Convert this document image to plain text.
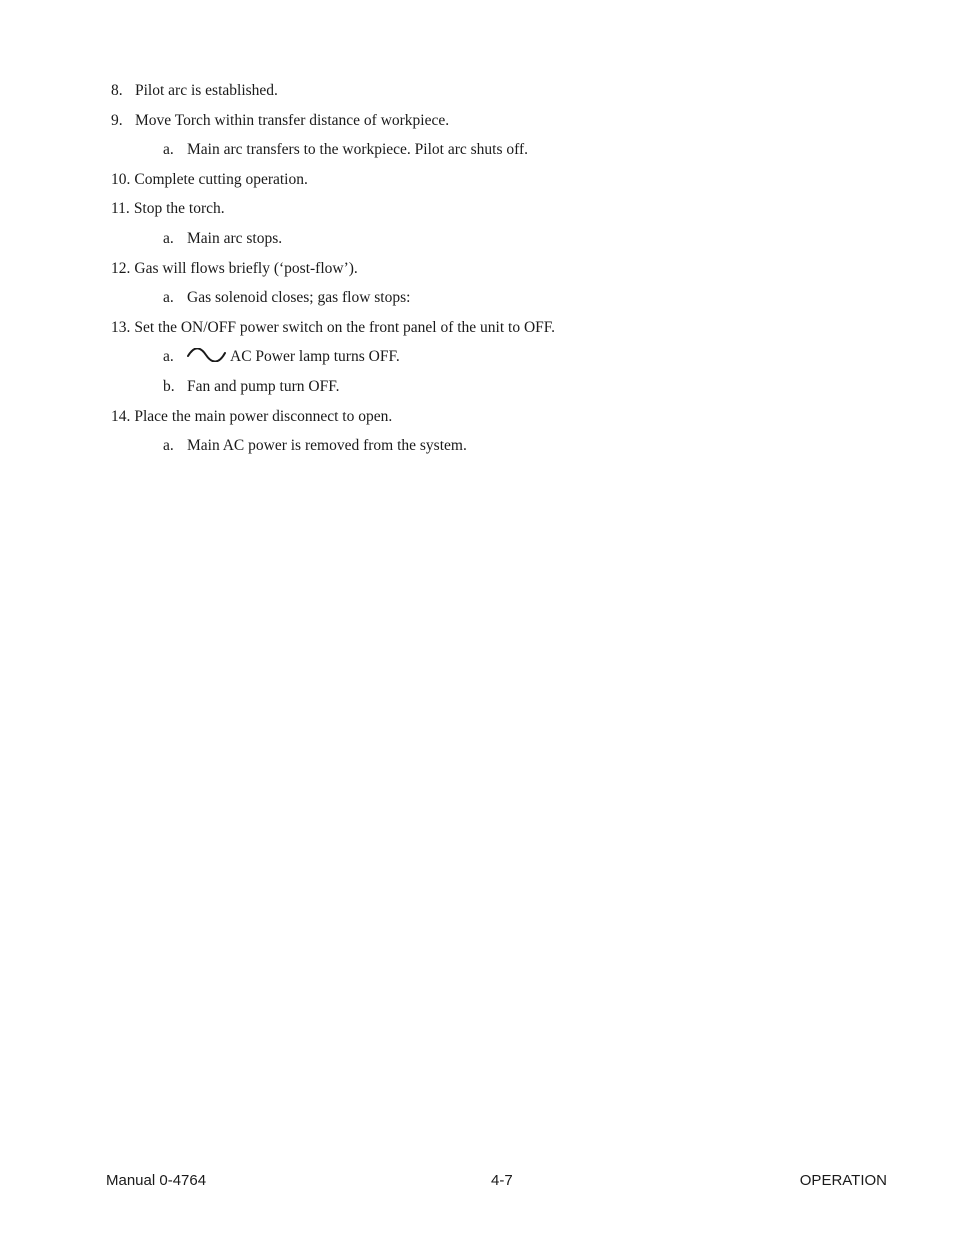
8. Pilot arc is established.
9. Move Torch within transfer distance of workpiece.
a. Main arc transfers to the workpiece. Pilot arc shuts off.
10. Complete cutting operation.
11. Stop the torch.
a. Main arc stops.
12. Gas will flows briefly (‘post-flow’).
a. Gas solenoid closes; gas flow stops:
13. Set the ON/OFF power switch on the front panel of the unit to OFF.
a.	AC Power lamp turns OFF.
b. Fan and pump turn OFF.
14. Place the main power disconnect to open.
a. Main AC power is removed from the system.
Manual 0-4764	4-7	OPERATION
